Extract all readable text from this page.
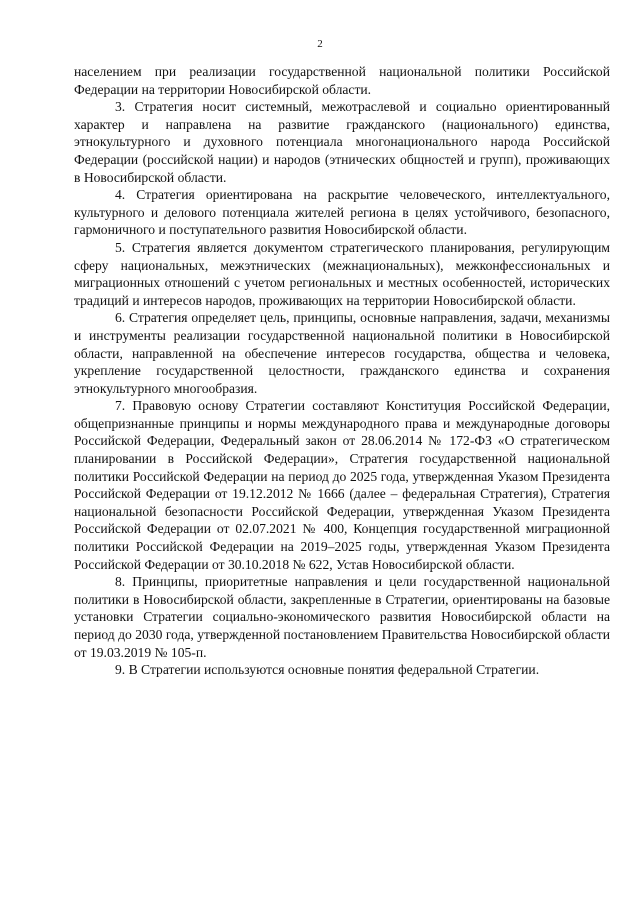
2

населением при реализации государственной национальной политики Российской Федерации на территории Новосибирской области.

3. Стратегия носит системный, межотраслевой и социально ориентированный характер и направлена на развитие гражданского (национального) единства, этнокультурного и духовного потенциала многонационального народа Российской Федерации (российской нации) и народов (этнических общностей и групп), проживающих в Новосибирской области.

4. Стратегия ориентирована на раскрытие человеческого, интеллектуального, культурного и делового потенциала жителей региона в целях устойчивого, безопасного, гармоничного и поступательного развития Новосибирской области.

5. Стратегия является документом стратегического планирования, регулирующим сферу национальных, межэтнических (межнациональных), межконфессиональных и миграционных отношений с учетом региональных и местных особенностей, исторических традиций и интересов народов, проживающих на территории Новосибирской области.

6. Стратегия определяет цель, принципы, основные направления, задачи, механизмы и инструменты реализации государственной национальной политики в Новосибирской области, направленной на обеспечение интересов государства, общества и человека, укрепление государственной целостности, гражданского единства и сохранения этнокультурного многообразия.

7. Правовую основу Стратегии составляют Конституция Российской Федерации, общепризнанные принципы и нормы международного права и международные договоры Российской Федерации, Федеральный закон от 28.06.2014 № 172-ФЗ «О стратегическом планировании в Российской Федерации», Стратегия государственной национальной политики Российской Федерации на период до 2025 года, утвержденная Указом Президента Российской Федерации от 19.12.2012 № 1666 (далее – федеральная Стратегия), Стратегия национальной безопасности Российской Федерации, утвержденная Указом Президента Российской Федерации от 02.07.2021 № 400, Концепция государственной миграционной политики Российской Федерации на 2019–2025 годы, утвержденная Указом Президента Российской Федерации от 30.10.2018 № 622, Устав Новосибирской области.

8. Принципы, приоритетные направления и цели государственной национальной политики в Новосибирской области, закрепленные в Стратегии, ориентированы на базовые установки Стратегии социально-экономического развития Новосибирской области на период до 2030 года, утвержденной постановлением Правительства Новосибирской области от 19.03.2019 № 105-п.

9. В Стратегии используются основные понятия федеральной Стратегии.
